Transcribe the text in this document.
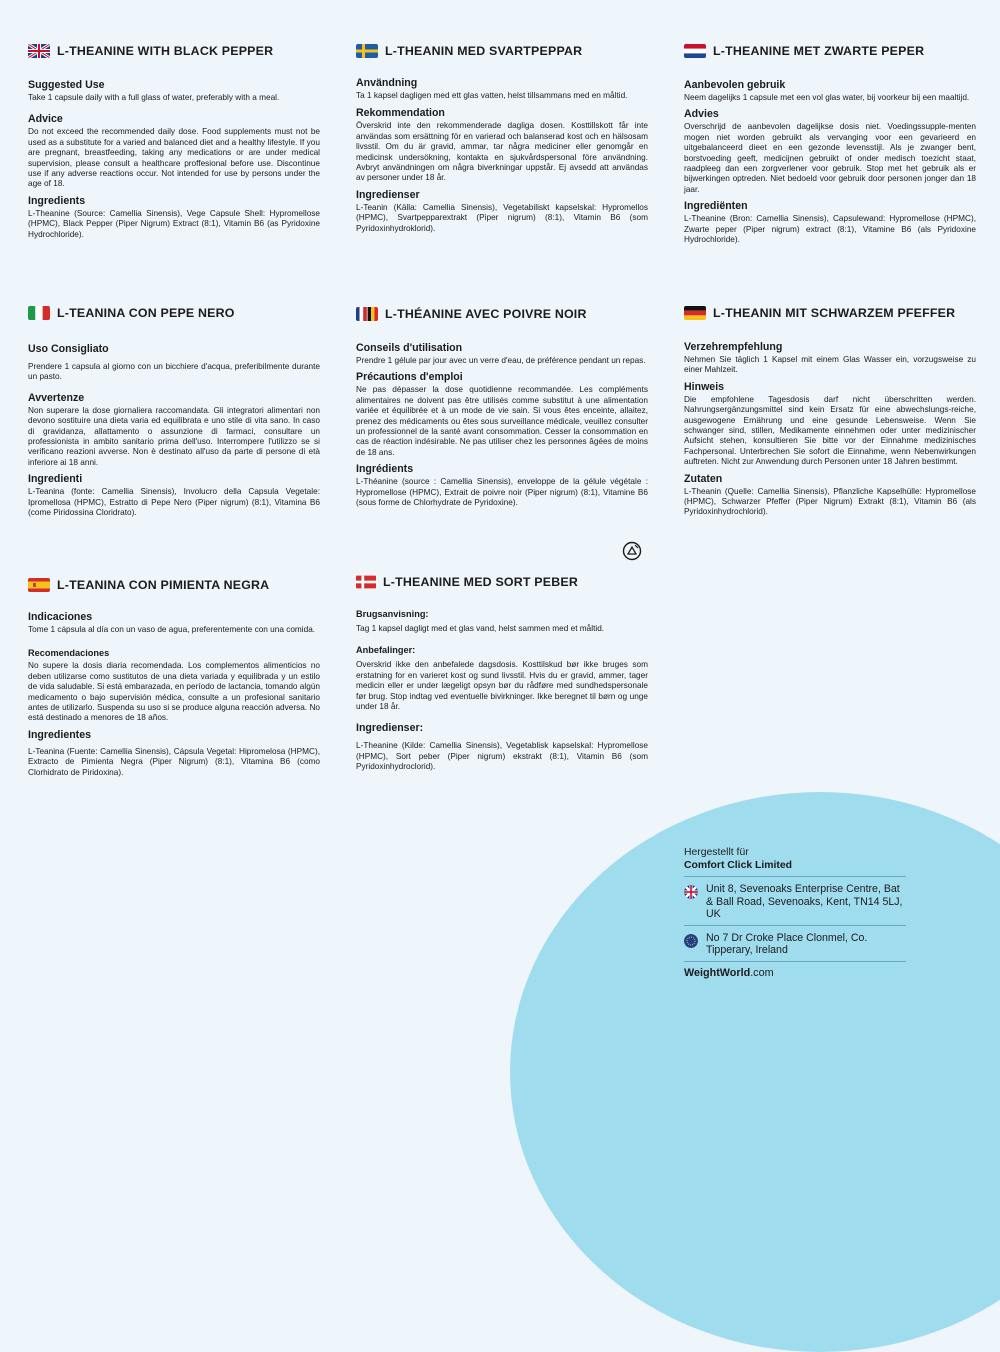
L-THEANINE WITH BLACK PEPPER
Suggested Use

Take 1 capsule daily with a full glass of water, preferably with a meal.

Advice

Do not exceed the recommended daily dose. Food supplements must not be used as a substitute for a varied and balanced diet and a healthy lifestyle. If you are pregnant, breastfeeding, taking any medications or are under medical supervision, please consult a healthcare proffesional before use. Discontinue use if any adverse reactions occur. Not intended for use by persons under the age of 18.

Ingredients

L-Theanine (Source: Camellia Sinensis), Vege Capsule Shell: Hypromellose (HPMC), Black Pepper (Piper Nigrum) Extract (8:1), Vitamin B6 (as Pyridoxine Hydrochloride).

L-THEANIN MED SVARTPEPPAR
Användning

Ta 1 kapsel dagligen med ett glas vatten, helst tillsammans med en måltid.

Rekommendation

Överskrid inte den rekommenderade dagliga dosen. Kosttillskott får inte användas som ersättning för en varierad och balanserad kost och en hälsosam livsstil. Om du är gravid, ammar, tar några mediciner eller genomgår en medicinsk undersökning, kontakta en sjukvårdspersonal före användning. Avbryt användningen om några biverkningar uppstår. Ej avsedd att användas av personer under 18 år.

Ingredienser

L-Teanin (Källa: Camellia Sinensis), Vegetabiliskt kapselskal: Hypromellos (HPMC), Svartpepparextrakt (Piper nigrum) (8:1), Vitamin B6 (som Pyridoxinhydroklorid).

L-THEANINE MET ZWARTE PEPER
Aanbevolen gebruik

Neem dagelijks 1 capsule met een vol glas water, bij voorkeur bij een maaltijd.

Advies

Overschrijd de aanbevolen dagelijkse dosis niet. Voedingssupple-menten mogen niet worden gebruikt als vervanging voor een gevarieerd en uitgebalanceerd dieet en een gezonde levensstijl. Als je zwanger bent, borstvoeding geeft, medicijnen gebruikt of onder medisch toezicht staat, raadpleeg dan een zorgverlener voor gebruik. Stop met het gebruik als er bijwerkingen optreden. Niet bedoeld voor gebruik door personen jonger dan 18 jaar.

Ingrediënten

L-Theanine (Bron: Camellia Sinensis), Capsulewand: Hypromellose (HPMC), Zwarte peper (Piper nigrum) extract (8:1), Vitamine B6 (als Pyridoxine Hydrochloride).

L-TEANINA CON PEPE NERO
Uso Consigliato

Prendere 1 capsula al giorno con un bicchiere d'acqua, preferibilmente durante un pasto.

Avvertenze

Non superare la dose giornaliera raccomandata. Gli integratori alimentari non devono sostituire una dieta varia ed equilibrata e uno stile di vita sano. In caso di gravidanza, allattamento o assunzione di farmaci, consultare un professionista in ambito sanitario prima dell'uso. Interrompere l'utilizzo se si verificano reazioni avverse. Non è destinato all'uso da parte di persone di età inferiore ai 18 anni.

Ingredienti

L-Teanina (fonte: Camellia Sinensis), Involucro della Capsula Vegetale: Ipromellosa (HPMC), Estratto di Pepe Nero (Piper nigrum) (8:1), Vitamina B6 (come Piridossina Cloridrato).

L-THÉANINE AVEC POIVRE NOIR
Conseils d'utilisation

Prendre 1 gélule par jour avec un verre d'eau, de préférence pendant un repas.

Précautions d'emploi

Ne pas dépasser la dose quotidienne recommandée. Les compléments alimentaires ne doivent pas être utilisés comme substitut à une alimentation variée et équilibrée et à un mode de vie sain. Si vous êtes enceinte, allaitez, prenez des médicaments ou êtes sous surveillance médicale, veuillez consulter un professionnel de la santé avant consommation. Cesser la consommation en cas de réaction indésirable. Ne pas utiliser chez les personnes âgées de moins de 18 ans.

Ingrédients

L-Théanine (source : Camellia Sinensis), enveloppe de la gélule végétale : Hypromellose (HPMC), Extrait de poivre noir (Piper nigrum) (8:1), Vitamine B6 (sous forme de Chlorhydrate de Pyridoxine).

L-THEANIN MIT SCHWARZEM PFEFFER
Verzehrempfehlung

Nehmen Sie täglich 1 Kapsel mit einem Glas Wasser ein, vorzugsweise zu einer Mahlzeit.

Hinweis

Die empfohlene Tagesdosis darf nicht überschritten werden. Nahrungsergänzungsmittel sind kein Ersatz für eine abwechslungs-reiche, ausgewogene Ernährung und eine gesunde Lebensweise. Wenn Sie schwanger sind, stillen, Medikamente einnehmen oder unter medizinischer Aufsicht stehen, konsultieren Sie bitte vor der Einnahme medizinisches Fachpersonal. Unterbrechen Sie sofort die Einnahme, wenn Nebenwirkungen auftreten. Nicht zur Anwendung durch Personen unter 18 Jahren bestimmt.

Zutaten

L-Theanin (Quelle: Camellia Sinensis), Pflanzliche Kapselhülle: Hypromellose (HPMC), Schwarzer Pfeffer (Piper Nigrum) Extrakt (8:1), Vitamin B6 (als Pyridoxinhydrochlorid).

L-TEANINA CON PIMIENTA NEGRA
Indicaciones

Tome 1 cápsula al día con un vaso de agua, preferentemente con una comida.

Recomendaciones

No supere la dosis diaria recomendada. Los complementos alimenticios no deben utilizarse como sustitutos de una dieta variada y equilibrada y un estilo de vida saludable. Si está embarazada, en período de lactancia, tomando algún medicamento o bajo supervisión médica, consulte a un profesional sanitario antes de utilizarlo. Suspenda su uso si se produce alguna reacción adversa. No está destinado a menores de 18 años.

Ingredientes

L-Teanina (Fuente: Camellia Sinensis), Cápsula Vegetal: Hipromelosa (HPMC), Extracto de Pimienta Negra (Piper Nigrum) (8:1), Vitamina B6 (como Clorhidrato de Piridoxina).

L-THEANINE MED SORT PEBER
Brugsanvisning:

Tag 1 kapsel dagligt med et glas vand, helst sammen med et måltid.

Anbefalinger:

Overskrid ikke den anbefalede dagsdosis. Kosttilskud bør ikke bruges som erstatning for en varieret kost og sund livsstil. Hvis du er gravid, ammer, tager medicin eller er under lægeligt opsyn bør du rådføre med sundhedspersonale før brug. Stop indtag ved eventuelle bivirkninger. Ikke beregnet til børn og unge under 18 år.

Ingredienser:

L-Theanine (Kilde: Camellia Sinensis), Vegetablisk kapselskal: Hypromellose (HPMC), Sort peber (Piper nigrum) ekstrakt (8:1), Vitamin B6 (som Pyridoxinhydroclorid).

Hergestellt für
Comfort Click Limited
Unit 8, Sevenoaks Enterprise Centre, Bat & Ball Road, Sevenoaks, Kent, TN14 5LJ, UK
No 7 Dr Croke Place Clonmel, Co. Tipperary, Ireland
WeightWorld.com
